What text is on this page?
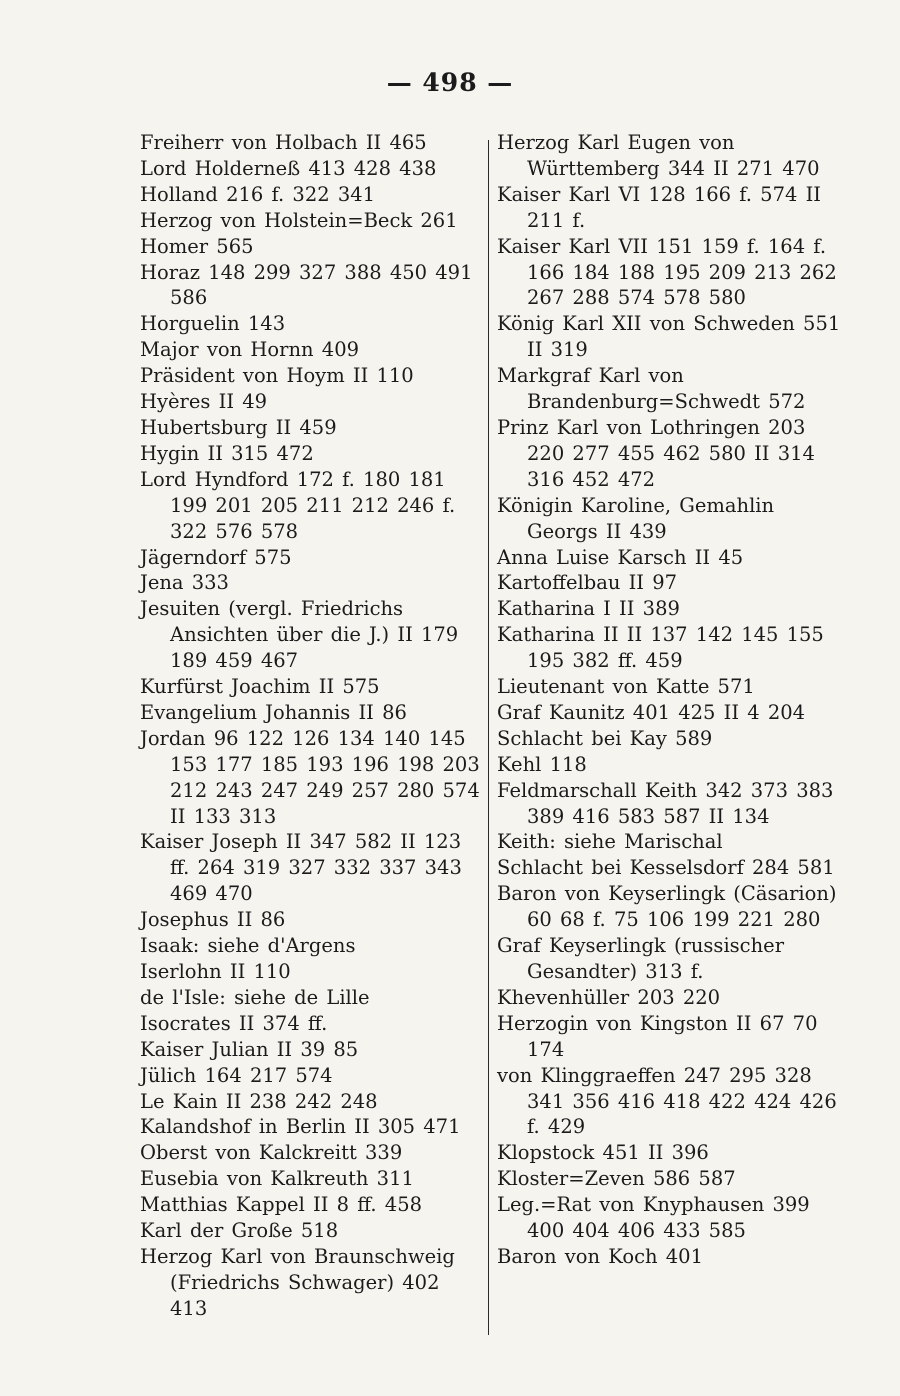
— 498 —
Freiherr von Holbach II 465
Lord Holderneß 413 428 438
Holland 216 f. 322 341
Herzog von Holstein=Beck 261
Homer 565
Horaz 148 299 327 388 450 491 586
Horguelin 143
Major von Hornn 409
Präsident von Hoym II 110
Hyères II 49
Hubertsburg II 459
Hygin II 315 472
Lord Hyndford 172 f. 180 181 199 201 205 211 212 246 f. 322 576 578
Jägerndorf 575
Jena 333
Jesuiten (vergl. Friedrichs Ansichten über die J.) II 179 189 459 467
Kurfürst Joachim II 575
Evangelium Johannis II 86
Jordan 96 122 126 134 140 145 153 177 185 193 196 198 203 212 243 247 249 257 280 574 II 133 313
Kaiser Joseph II 347 582 II 123 ff. 264 319 327 332 337 343 469 470
Josephus II 86
Isaak: siehe d'Argens
Iserlohn II 110
de l'Isle: siehe de Lille
Isocrates II 374 ff.
Kaiser Julian II 39 85
Jülich 164 217 574
Le Kain II 238 242 248
Kalandshof in Berlin II 305 471
Oberst von Kalckreitt 339
Eusebia von Kalkreuth 311
Matthias Kappel II 8 ff. 458
Karl der Große 518
Herzog Karl von Braunschweig (Friedrichs Schwager) 402 413
Herzog Karl Eugen von Württemberg 344 II 271 470
Kaiser Karl VI 128 166 f. 574 II 211 f.
Kaiser Karl VII 151 159 f. 164 f. 166 184 188 195 209 213 262 267 288 574 578 580
König Karl XII von Schweden 551 II 319
Markgraf Karl von Brandenburg=Schwedt 572
Prinz Karl von Lothringen 203 220 277 455 462 580 II 314 316 452 472
Königin Karoline, Gemahlin Georgs II 439
Anna Luise Karsch II 45
Kartoffelbau II 97
Katharina I II 389
Katharina II II 137 142 145 155 195 382 ff. 459
Lieutenant von Katte 571
Graf Kaunitz 401 425 II 4 204
Schlacht bei Kay 589
Kehl 118
Feldmarschall Keith 342 373 383 389 416 583 587 II 134
Keith: siehe Marischal
Schlacht bei Kesselsdorf 284 581
Baron von Keyserlingk (Cäsarion) 60 68 f. 75 106 199 221 280
Graf Keyserlingk (russischer Gesandter) 313 f.
Khevenhüller 203 220
Herzogin von Kingston II 67 70 174
von Klinggraeffen 247 295 328 341 356 416 418 422 424 426 f. 429
Klopstock 451 II 396
Kloster=Zeven 586 587
Leg.=Rat von Knyphausen 399 400 404 406 433 585
Baron von Koch 401
